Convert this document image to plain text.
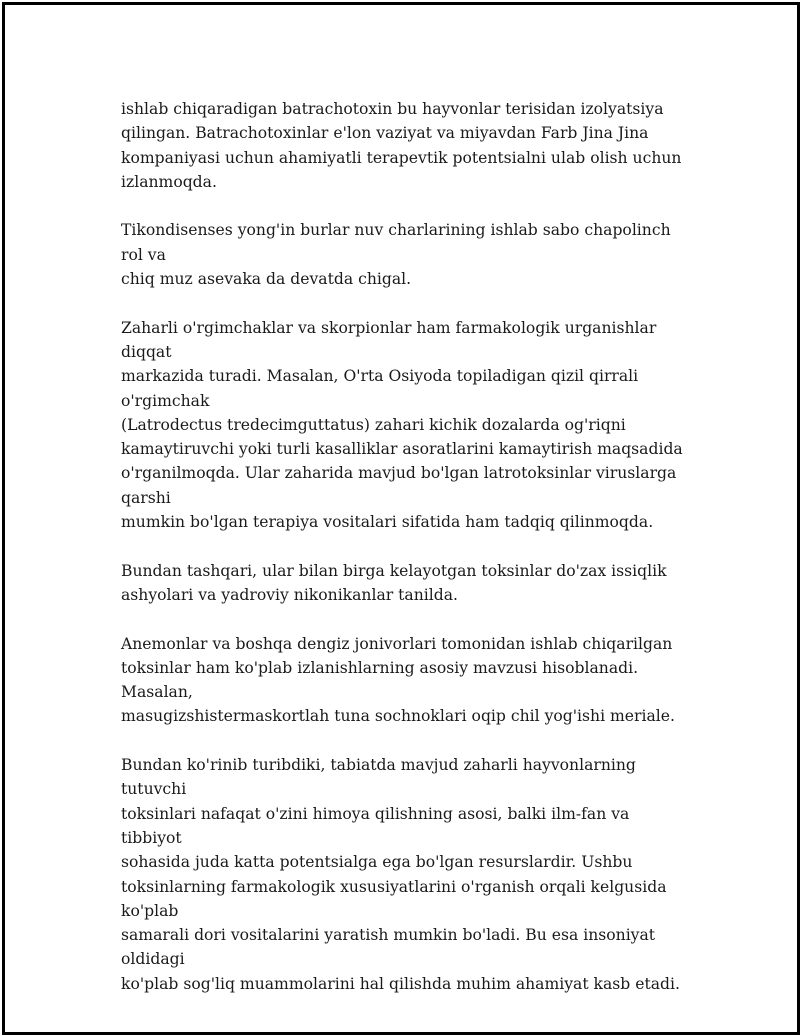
ishlab chiqaradigan batrachotoxin bu hayvonlar terisidan izolyatsiya
qilingan. Batrachotoxinlar e'lon vaziyat va miyavdan Farb Jina Jina
kompaniyasi uchun ahamiyatli terapevtik potentsialni ulab olish uchun
izlanmoqda.

Tikondisenses yong'in burlar nuv charlarining ishlab sabo chapolinch rol va
chiq muz asevaka da devatda chigal.

Zaharli o'rgimchaklar va skorpionlar ham farmakologik urganishlar diqqat
markazida turadi. Masalan, O'rta Osiyoda topiladigan qizil qirrali o'rgimchak
(Latrodectus tredecimguttatus) zahari kichik dozalarda og'riqni
kamaytiruvchi yoki turli kasalliklar asoratlarini kamaytirish maqsadida
o'rganilmoqda. Ular zaharida mavjud bo'lgan latrotoksinlar viruslarga qarshi
mumkin bo'lgan terapiya vositalari sifatida ham tadqiq qilinmoqda.

Bundan tashqari, ular bilan birga kelayotgan toksinlar do'zax issiqlik
ashyolari va yadroviy nikonikanlar tanilda.

Anemonlar va boshqa dengiz jonivorlari tomonidan ishlab chiqarilgan
toksinlar ham ko'plab izlanishlarning asosiy mavzusi hisoblanadi. Masalan,
masugizshistermaskortlah tuna sochnoklari oqip chil yog'ishi meriale.

Bundan ko'rinib turibdiki, tabiatda mavjud zaharli hayvonlarning tutuvchi
toksinlari nafaqat o'zini himoya qilishning asosi, balki ilm-fan va tibbiyot
sohasida juda katta potentsialga ega bo'lgan resurslardir. Ushbu
toksinlarning farmakologik xususiyatlarini o'rganish orqali kelgusida ko'plab
samarali dori vositalarini yaratish mumkin bo'ladi. Bu esa insoniyat oldidagi
ko'plab sog'liq muammolarini hal qilishda muhim ahamiyat kasb etadi.
